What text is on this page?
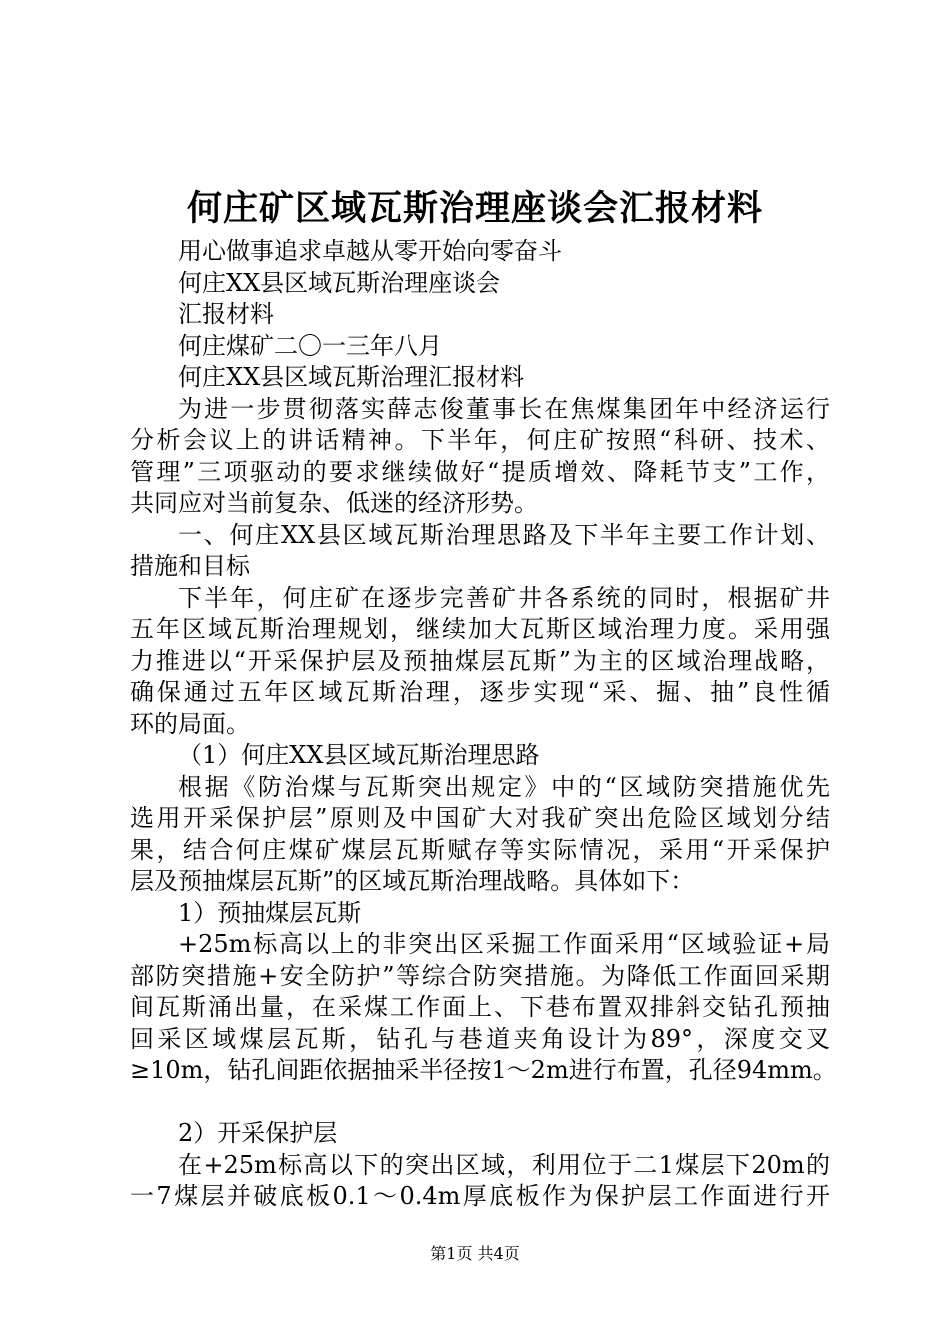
何庄矿区域瓦斯治理座谈会汇报材料
用心做事追求卓越从零开始向零奋斗
何庄XX县区域瓦斯治理座谈会
汇报材料
何庄煤矿二〇一三年八月
何庄XX县区域瓦斯治理汇报材料
为进一步贯彻落实薛志俊董事长在焦煤集团年中经济运行
分析会议上的讲话精神。下半年，何庄矿按照“科研、技术、
管理”三项驱动的要求继续做好“提质增效、降耗节支”工作，
共同应对当前复杂、低迷的经济形势。
一、何庄XX县区域瓦斯治理思路及下半年主要工作计划、
措施和目标
下半年，何庄矿在逐步完善矿井各系统的同时，根据矿井
五年区域瓦斯治理规划，继续加大瓦斯区域治理力度。采用强
力推进以“开采保护层及预抽煤层瓦斯”为主的区域治理战略，
确保通过五年区域瓦斯治理，逐步实现“采、掘、抽”良性循
环的局面。
（1）何庄XX县区域瓦斯治理思路
根据《防治煤与瓦斯突出规定》中的“区域防突措施优先
选用开采保护层”原则及中国矿大对我矿突出危险区域划分结
果，结合何庄煤矿煤层瓦斯赋存等实际情况，采用“开采保护
层及预抽煤层瓦斯”的区域瓦斯治理战略。具体如下：
1）预抽煤层瓦斯
+25m标高以上的非突出区采掘工作面采用“区域验证+局
部防突措施+安全防护”等综合防突措施。为降低工作面回采期
间瓦斯涌出量，在采煤工作面上、下巷布置双排斜交钻孔预抽
回采区域煤层瓦斯，钻孔与巷道夹角设计为89°，深度交叉
≥10m，钻孔间距依据抽采半径按1～2m进行布置，孔径94mm。
2）开采保护层
在+25m标高以下的突出区域，利用位于二1煤层下20m的
一7煤层并破底板0.1～0.4m厚底板作为保护层工作面进行开
第1页 共4页
